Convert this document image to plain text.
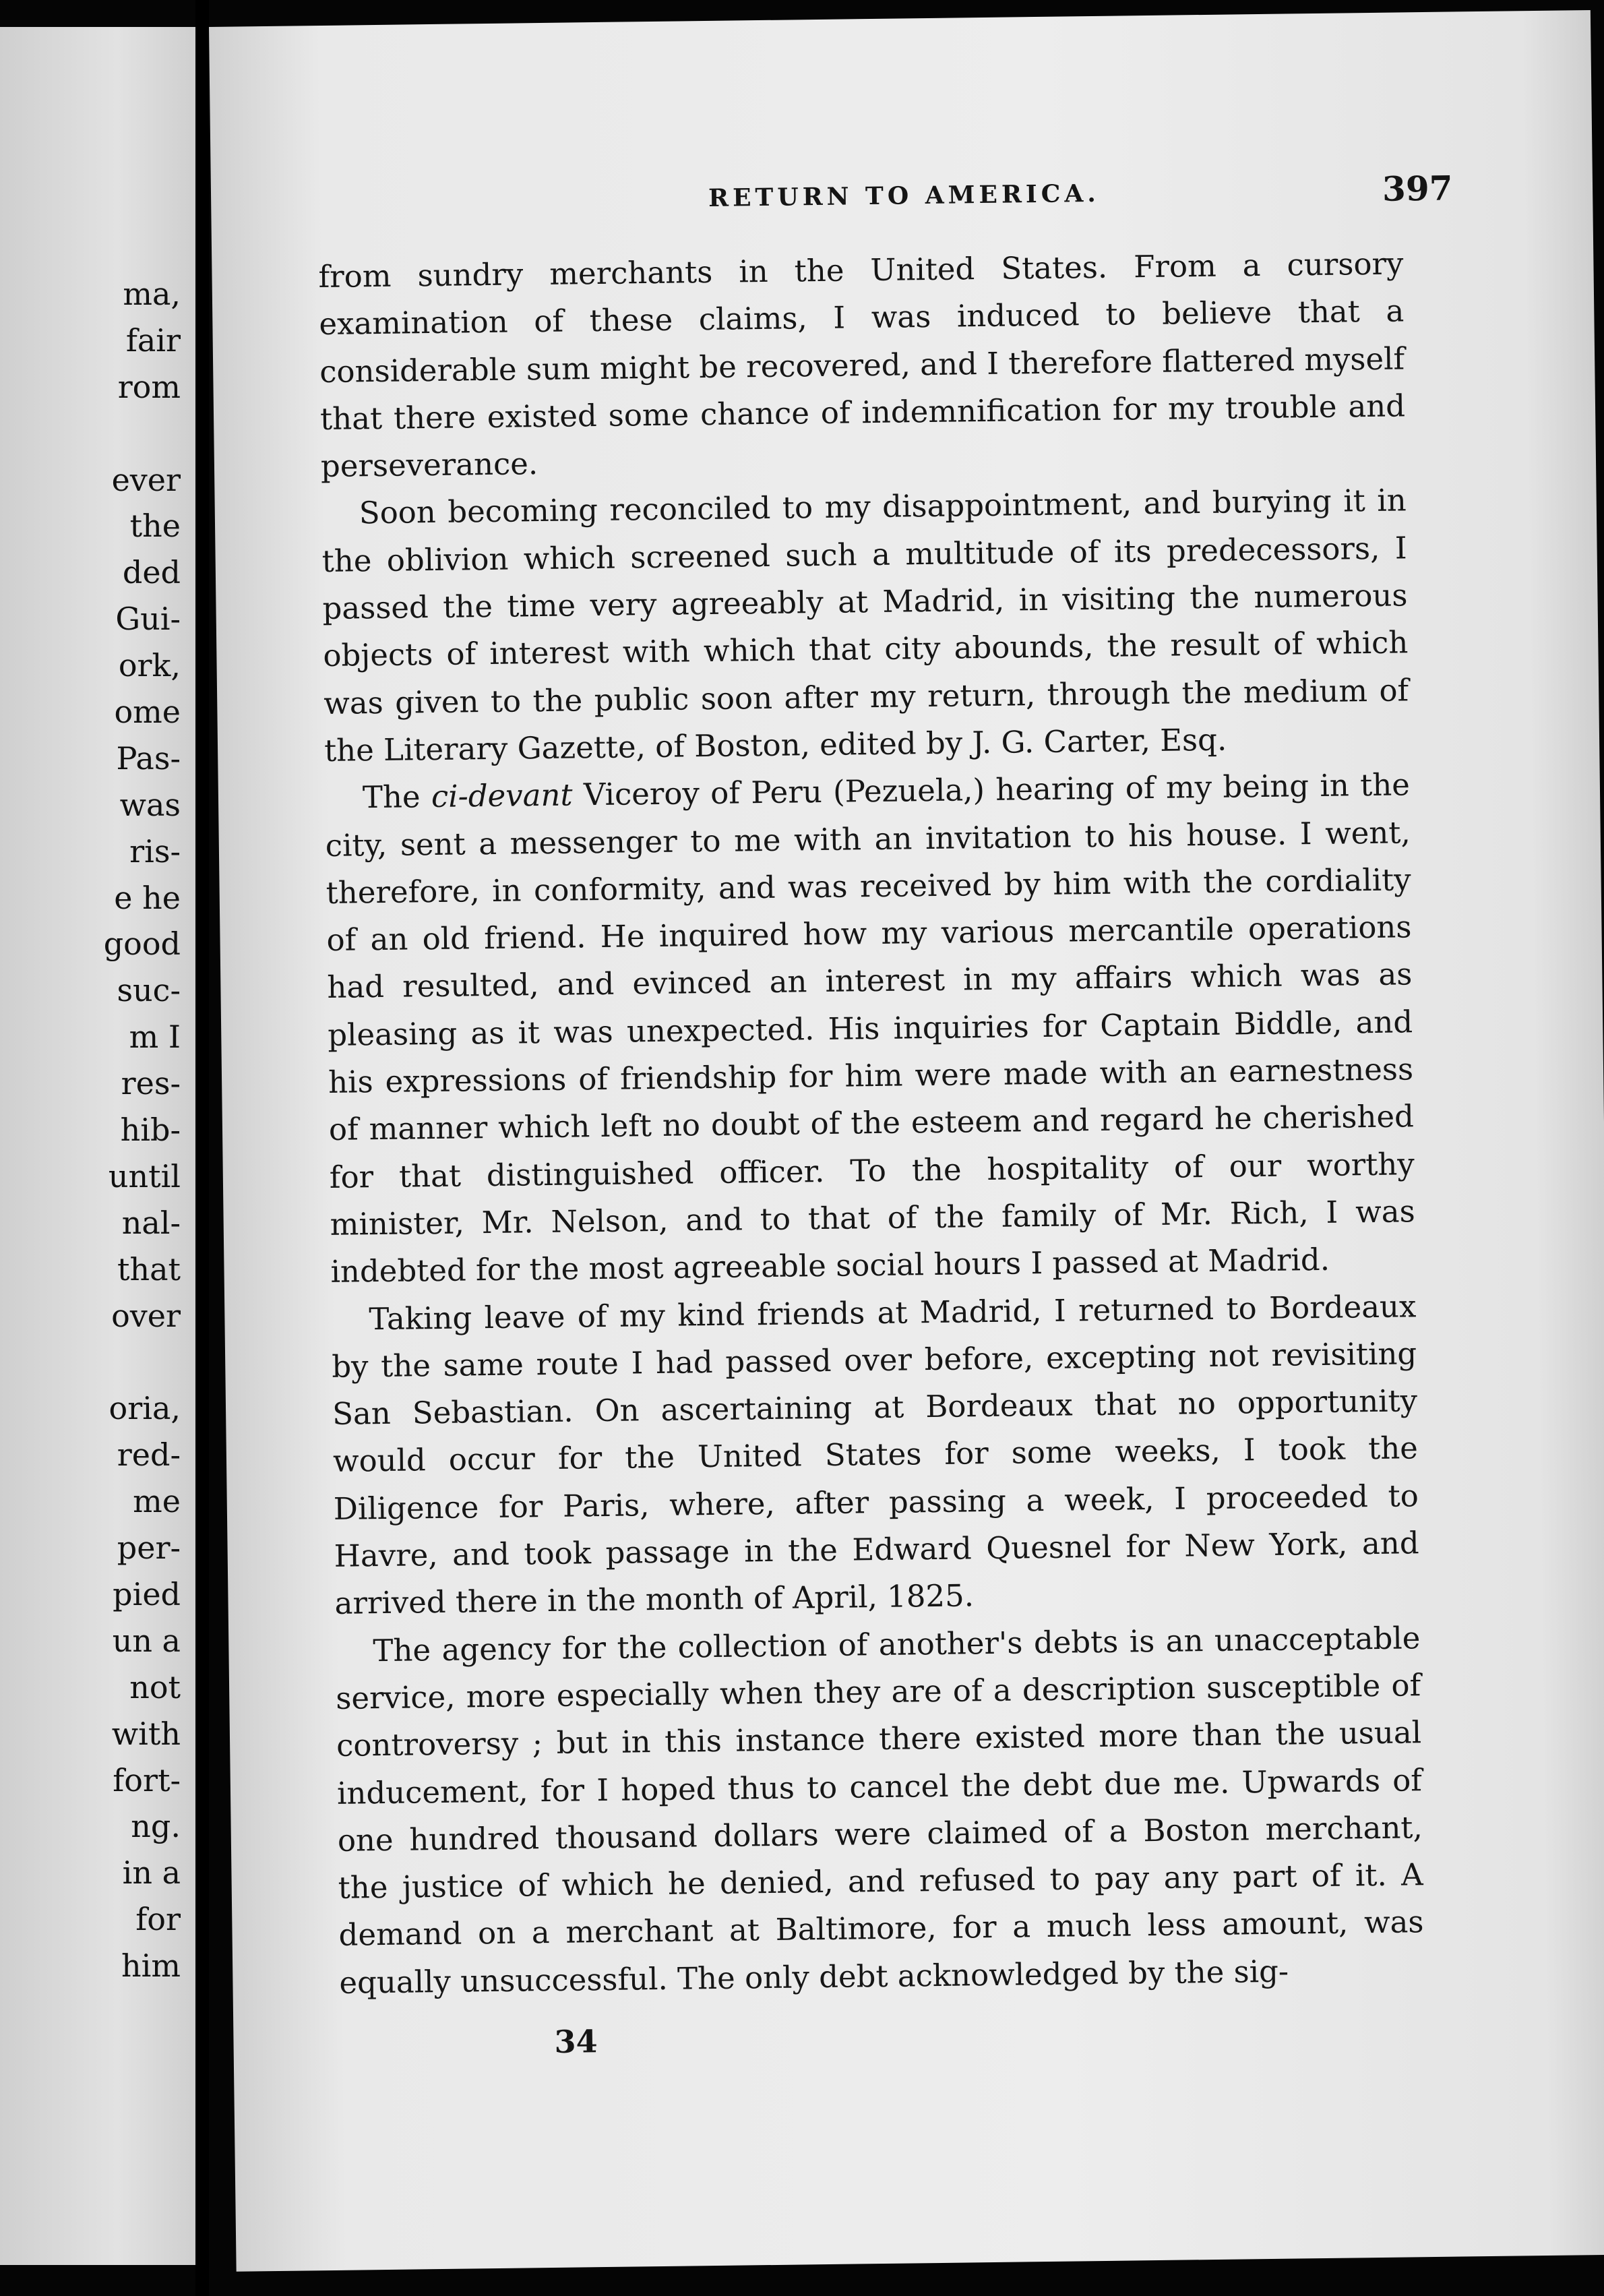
ma,
fair
rom
ever
the
ded
Gui-
ork,
ome
Pas-
was
ris-
e he
good
suc-
m I
res-
hib-
until
nal-
that
over
oria,
red-
me
per-
pied
un a
not
with
fort-
ng.
in a
for
him
RETURN TO AMERICA.	397

from sundry merchants in the United States. From a cursory examination of these claims, I was induced to believe that a considerable sum might be recovered, and I therefore flattered myself that there existed some chance of indemnification for my trouble and perseverance.

Soon becoming reconciled to my disappointment, and burying it in the oblivion which screened such a multitude of its predecessors, I passed the time very agreeably at Madrid, in visiting the numerous objects of interest with which that city abounds, the result of which was given to the public soon after my return, through the medium of the Literary Gazette, of Boston, edited by J. G. Carter, Esq.

The ci-devant Viceroy of Peru (Pezuela,) hearing of my being in the city, sent a messenger to me with an invitation to his house. I went, therefore, in conformity, and was received by him with the cordiality of an old friend. He inquired how my various mercantile operations had resulted, and evinced an interest in my affairs which was as pleasing as it was unexpected. His inquiries for Captain Biddle, and his expressions of friendship for him were made with an earnestness of manner which left no doubt of the esteem and regard he cherished for that distinguished officer. To the hospitality of our worthy minister, Mr. Nelson, and to that of the family of Mr. Rich, I was indebted for the most agreeable social hours I passed at Madrid.

Taking leave of my kind friends at Madrid, I returned to Bordeaux by the same route I had passed over before, excepting not revisiting San Sebastian. On ascertaining at Bordeaux that no opportunity would occur for the United States for some weeks, I took the Diligence for Paris, where, after passing a week, I proceeded to Havre, and took passage in the Edward Quesnel for New York, and arrived there in the month of April, 1825.

The agency for the collection of another's debts is an unacceptable service, more especially when they are of a description susceptible of controversy ; but in this instance there existed more than the usual inducement, for I hoped thus to cancel the debt due me. Upwards of one hundred thousand dollars were claimed of a Boston merchant, the justice of which he denied, and refused to pay any part of it. A demand on a merchant at Baltimore, for a much less amount, was equally unsuccessful. The only debt acknowledged by the sig-

34
